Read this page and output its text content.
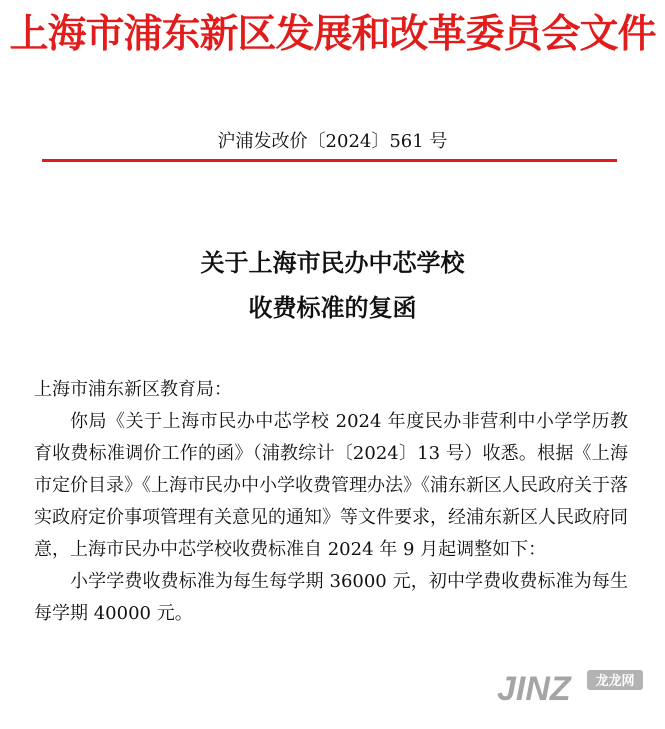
上海市浦东新区发展和改革委员会文件
沪浦发改价〔2024〕561 号
关于上海市民办中芯学校
收费标准的复函

上海市浦东新区教育局：

你局《关于上海市民办中芯学校 2024 年度民办非营利中小学学历教育收费标准调价工作的函》（浦教综计〔2024〕13 号）收悉。根据《上海市定价目录》《上海市民办中小学收费管理办法》《浦东新区人民政府关于落实政府定价事项管理有关意见的通知》等文件要求，经浦东新区人民政府同意，上海市民办中芯学校收费标准自 2024 年 9 月起调整如下：

小学学费收费标准为每生每学期 36000 元，初中学费收费标准为每生每学期 40000 元。

JINZ 龙龙网
